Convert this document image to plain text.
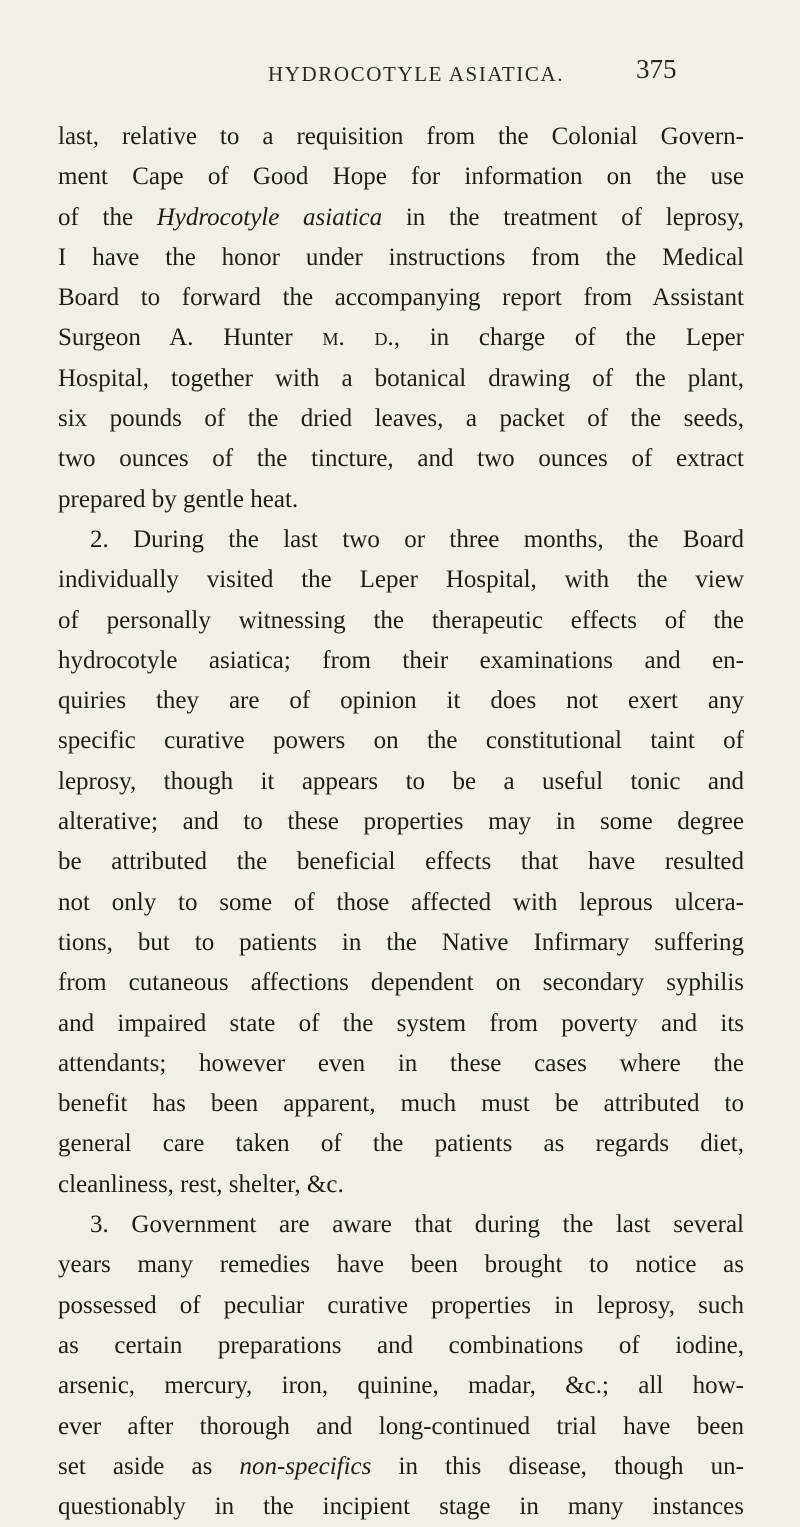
HYDROCOTYLE ASIATICA.	375
last, relative to a requisition from the Colonial Govern-
ment Cape of Good Hope for information on the use
of the Hydrocotyle asiatica in the treatment of leprosy,
I have the honor under instructions from the Medical
Board to forward the accompanying report from Assistant
Surgeon A. Hunter m. d., in charge of the Leper
Hospital, together with a botanical drawing of the plant,
six pounds of the dried leaves, a packet of the seeds,
two ounces of the tincture, and two ounces of extract
prepared by gentle heat.
2. During the last two or three months, the Board
individually visited the Leper Hospital, with the view
of personally witnessing the therapeutic effects of the
hydrocotyle asiatica; from their examinations and en-
quiries they are of opinion it does not exert any
specific curative powers on the constitutional taint of
leprosy, though it appears to be a useful tonic and
alterative; and to these properties may in some degree
be attributed the beneficial effects that have resulted
not only to some of those affected with leprous ulcera-
tions, but to patients in the Native Infirmary suffering
from cutaneous affections dependent on secondary syphilis
and impaired state of the system from poverty and its
attendants; however even in these cases where the
benefit has been apparent, much must be attributed to
general care taken of the patients as regards diet,
cleanliness, rest, shelter, &c.
3. Government are aware that during the last several
years many remedies have been brought to notice as
possessed of peculiar curative properties in leprosy, such
as certain preparations and combinations of iodine,
arsenic, mercury, iron, quinine, madar, &c.; all how-
ever after thorough and long-continued trial have been
set aside as non-specifics in this disease, though un-
questionably in the incipient stage in many instances
